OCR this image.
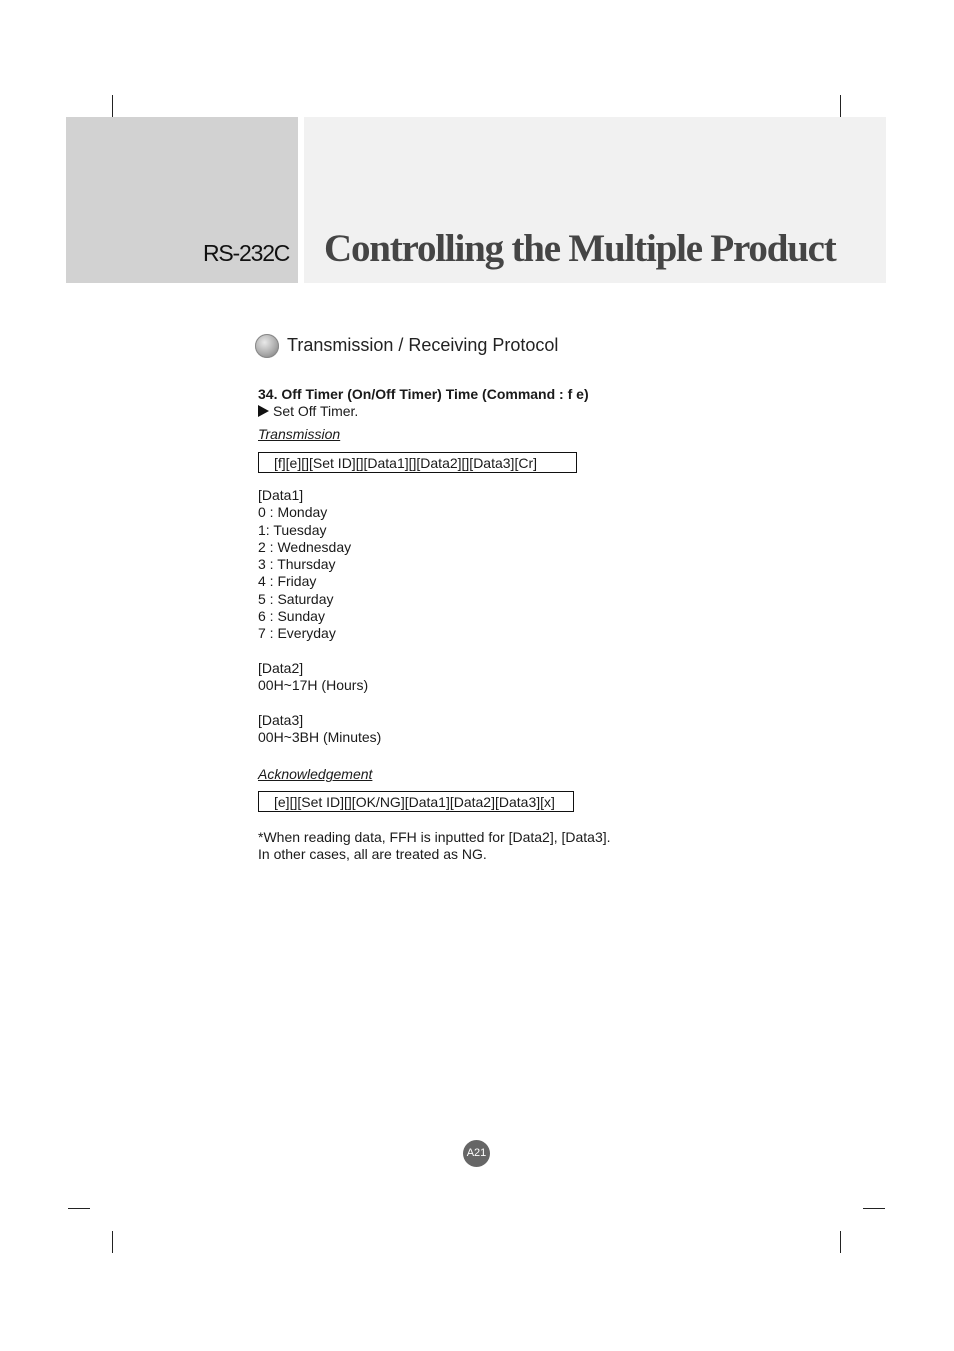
RS-232C Controlling the Multiple Product
Transmission / Receiving Protocol
34. Off Timer (On/Off Timer) Time (Command : f e)
Set Off Timer.
Transmission
[f][e][][Set ID][][Data1][][Data2][][Data3][Cr]
[Data1]
0 : Monday
1: Tuesday
2 : Wednesday
3 : Thursday
4 : Friday
5 : Saturday
6 : Sunday
7 : Everyday
[Data2]
00H~17H (Hours)
[Data3]
00H~3BH (Minutes)
Acknowledgement
[e][][Set ID][][OK/NG][Data1][Data2][Data3][x]
*When reading data, FFH is inputted for [Data2], [Data3].
In other cases, all are treated as NG.
A21
